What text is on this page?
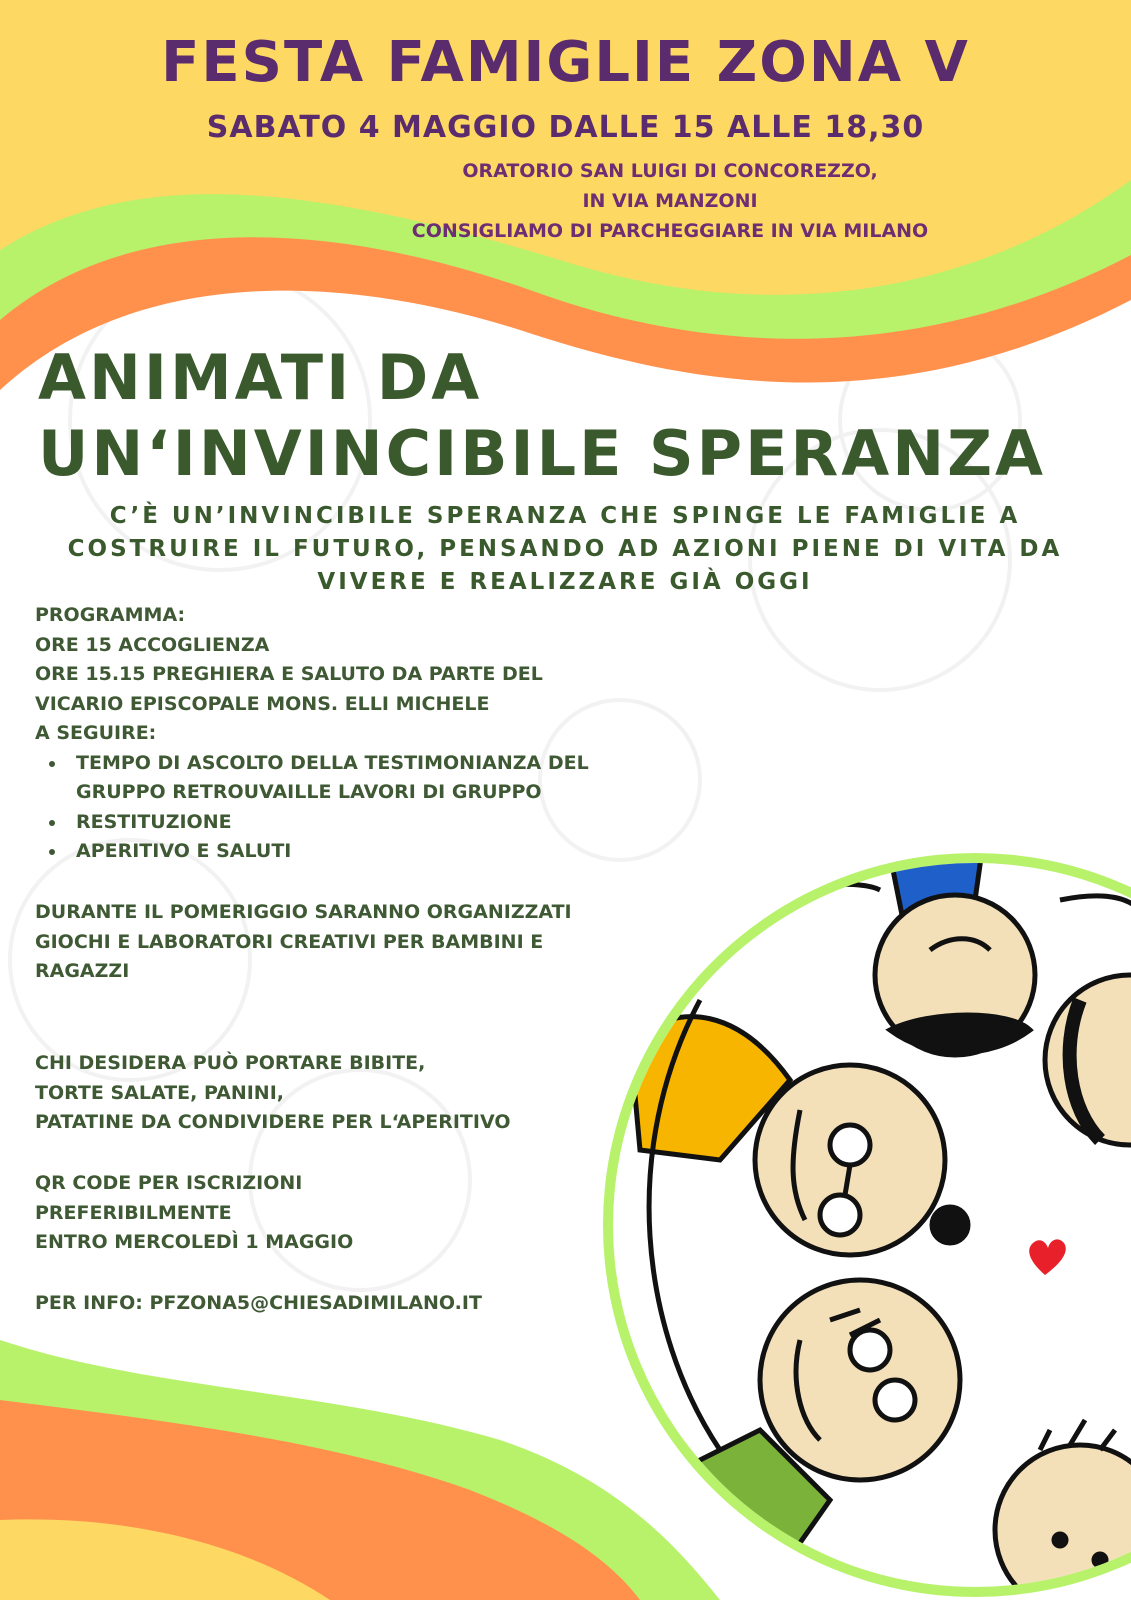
FESTA FAMIGLIE ZONA V
SABATO 4 MAGGIO DALLE 15 ALLE 18,30
ORATORIO SAN LUIGI DI CONCOREZZO,
IN VIA MANZONI
CONSIGLIAMO DI PARCHEGGIARE IN VIA MILANO
ANIMATI DA
UN‘INVINCIBILE SPERANZA
C’È UN’INVINCIBILE SPERANZA CHE SPINGE LE FAMIGLIE A
COSTRUIRE IL FUTURO, PENSANDO AD AZIONI PIENE DI VITA DA
VIVERE E REALIZZARE GIÀ OGGI
PROGRAMMA:
ORE 15 ACCOGLIENZA
ORE 15.15 PREGHIERA E SALUTO DA PARTE DEL
VICARIO EPISCOPALE MONS. ELLI MICHELE
A SEGUIRE:
TEMPO DI ASCOLTO DELLA TESTIMONIANZA DEL
GRUPPO RETROUVAILLE LAVORI DI GRUPPO
RESTITUZIONE
APERITIVO E SALUTI
DURANTE IL POMERIGGIO SARANNO ORGANIZZATI
GIOCHI E LABORATORI CREATIVI PER BAMBINI E
RAGAZZI
CHI DESIDERA PUÒ PORTARE BIBITE,
TORTE SALATE, PANINI,
PATATINE DA CONDIVIDERE PER L‘APERITIVO
QR CODE PER ISCRIZIONI
PREFERIBILMENTE
ENTRO MERCOLEDÌ 1 MAGGIO
PER INFO: PFZONA5@CHIESADIMILANO.IT
